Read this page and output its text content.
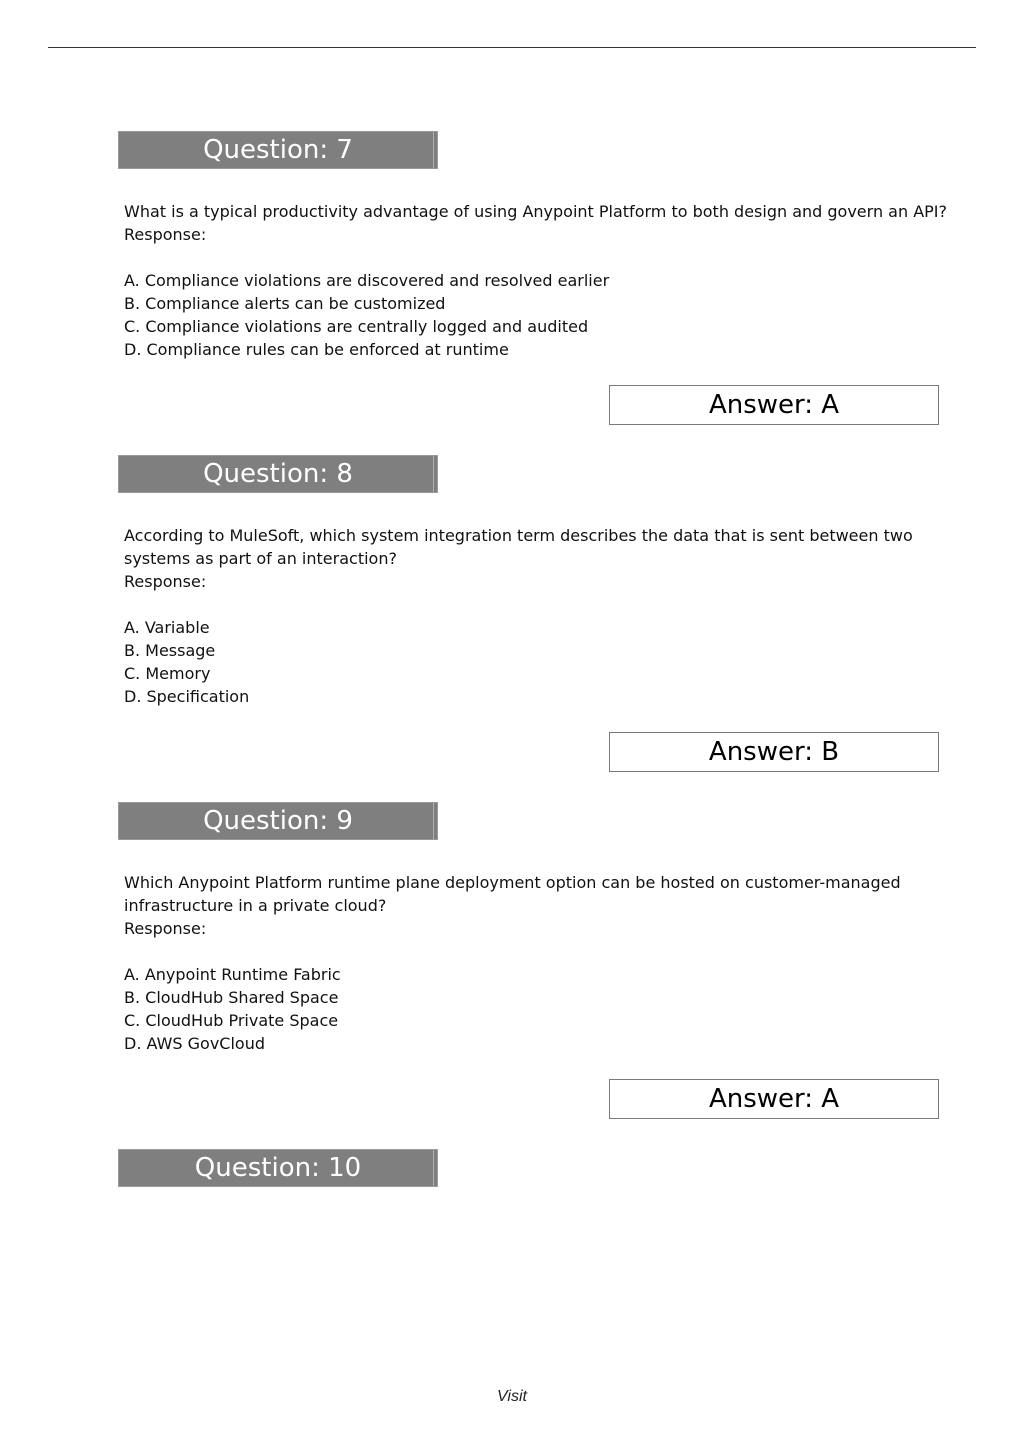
Question: 7
What is a typical productivity advantage of using Anypoint Platform to both design and govern an API?
Response:
A. Compliance violations are discovered and resolved earlier
B. Compliance alerts can be customized
C. Compliance violations are centrally logged and audited
D. Compliance rules can be enforced at runtime
Answer: A
Question: 8
According to MuleSoft, which system integration term describes the data that is sent between two
systems as part of an interaction?
Response:
A. Variable
B. Message
C. Memory
D. Specification
Answer: B
Question: 9
Which Anypoint Platform runtime plane deployment option can be hosted on customer-managed
infrastructure in a private cloud?
Response:
A. Anypoint Runtime Fabric
B. CloudHub Shared Space
C. CloudHub Private Space
D. AWS GovCloud
Answer: A
Question: 10
Visit
